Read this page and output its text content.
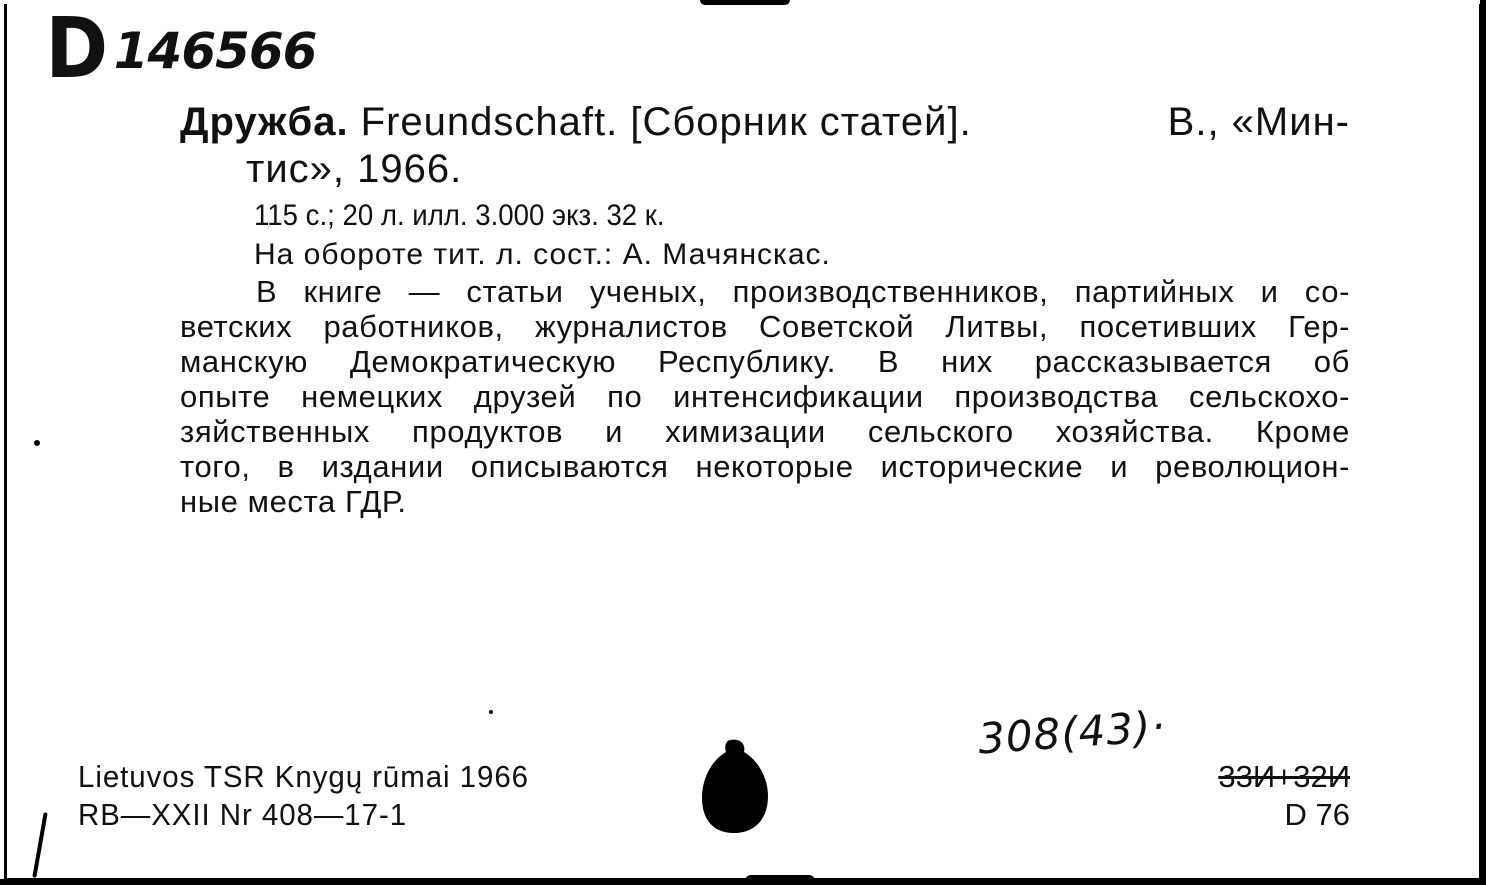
D 146566
Дружба. Freundschaft. [Сборник статей].	В., «Мин-
тис», 1966.
115 с.; 20 л. илл. 3.000 экз. 32 к.
На обороте тит. л. сост.: А. Мачянскас.
В книге — статьи ученых, производственников, партийных и со-
ветских работников, журналистов Советской Литвы, посетивших Гер-
манскую Демократическую Республику. В них рассказывается об
опыте немецких друзей по интенсификации производства сельскохо-
зяйственных продуктов и химизации сельского хозяйства. Кроме
того, в издании описываются некоторые исторические и революцион-
ные места ГДР.
Lietuvos TSR Knygų rūmai 1966
RB—XXII Nr 408—17-1
308(43)·
33И+32И
D 76
